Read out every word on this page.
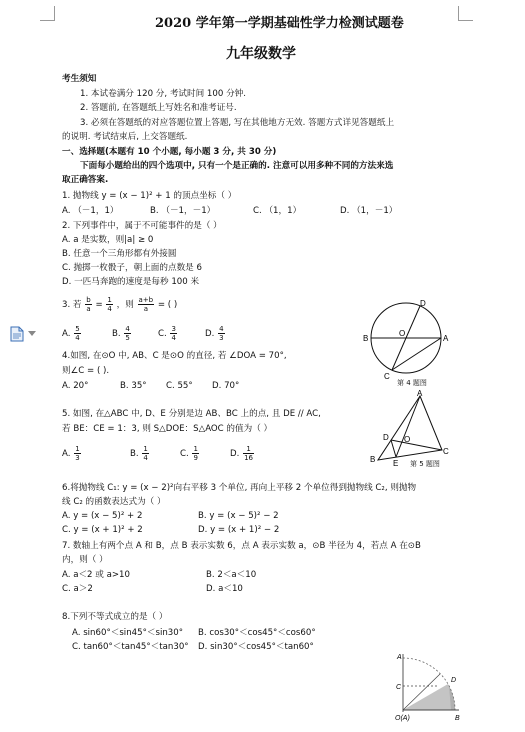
2020 学年第一学期基础性学力检测试题卷
九年级数学
考生须知
1. 本试卷满分 120 分, 考试时间 100 分钟.
2. 答题前, 在答题纸上写姓名和准考证号.
3. 必须在答题纸的对应答题位置上答题, 写在其他地方无效. 答题方式详见答题纸上
的说明. 考试结束后, 上交答题纸.
一、选择题(本题有 10 个小题, 每小题 3 分, 共 30 分)
下面每小题给出的四个选项中, 只有一个是正确的. 注意可以用多种不同的方法来选
取正确答案.
1. 抛物线 y = (x − 1)² + 1 的顶点坐标（ ）
A. （－1，1）	B. （－1，－1）	C. （1，1）	D. （1，－1）
2. 下列事件中，属于不可能事件的是（ ）
A. a 是实数，则|a| ≥ 0
B. 任意一个三角形都有外接圆
C. 抛掷一枚骰子，朝上面的点数是 6
D. 一匹马奔跑的速度是每秒 100 米
3. 若 $\frac{b}{a} = \frac{1}{4}$ ，则 $\frac{a+b}{a}$ = ( )
A. $\frac{5}{4}$	B. $\frac{4}{5}$	C. $\frac{3}{4}$	D. $\frac{4}{3}$
4.如图, 在⊙O 中, AB、C 是⊙O 的直径, 若 ∠DOA = 70°,
则∠C = ( ).
A. 20°	B. 35° C. 55° D. 70°
A
B
C
D
O
第 4 题图
5. 如图, 在△ABC 中, D、E 分别是边 AB、BC 上的点, 且 DE // AC,
若 BE：CE = 1：3, 则 S△DOE：S△AOC 的值为（ ）
A. $\frac{1}{3}$	B. $\frac{1}{4}$	C. $\frac{1}{9}$	D. $\frac{1}{16}$
A
B
C
D
E
O
第 5 题图
6.将抛物线 C₁: y = (x − 2)²向右平移 3 个单位, 再向上平移 2 个单位得到抛物线 C₂, 则抛物
线 C₂ 的函数表达式为（ ）
A. y = (x − 5)² + 2	B. y = (x − 5)² − 2
C. y = (x + 1)² + 2	D. y = (x + 1)² − 2
7. 数轴上有两个点 A 和 B，点 B 表示实数 6，点 A 表示实数 a，⊙B 半径为 4，若点 A 在⊙B
内，则（ ）
A. a＜2 或 a>10	B. 2＜a＜10
C. a＞2	D. a＜10
8.下列不等式成立的是（ ）
A. sin60°＜sin45°＜sin30° B. cos30°＜cos45°＜cos60°
C. tan60°＜tan45°＜tan30° D. sin30°＜cos45°＜tan60°
A
C
D
B
O(A)
